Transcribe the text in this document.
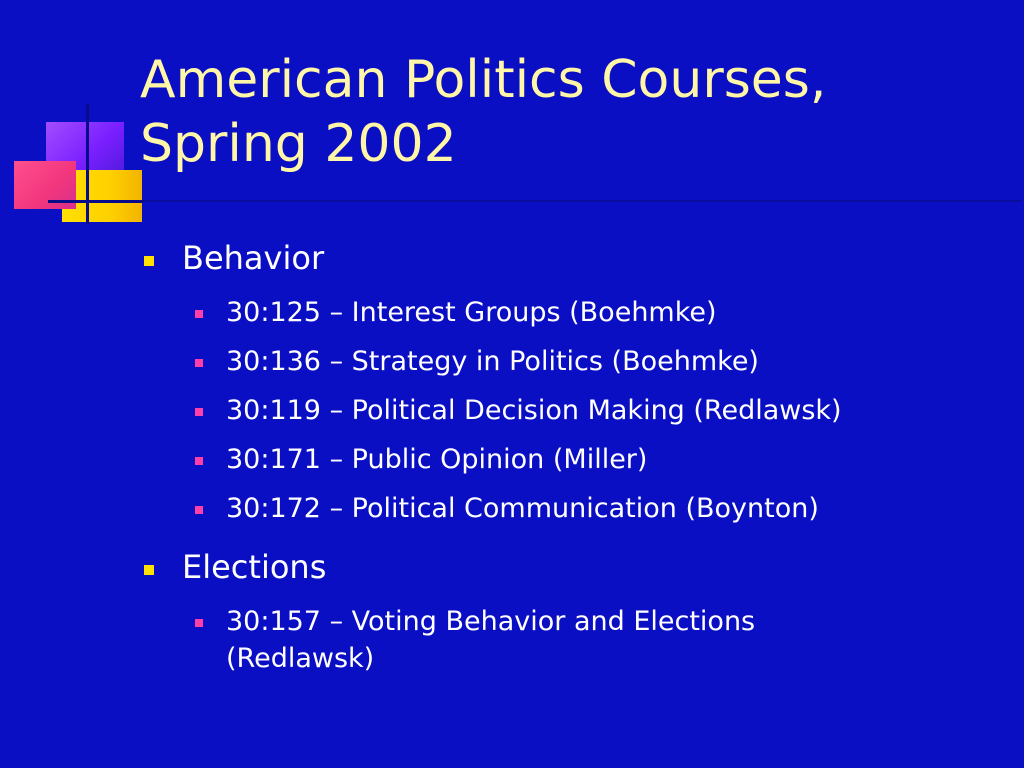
American Politics Courses,
Spring 2002
Behavior
30:125 – Interest Groups (Boehmke)
30:136 – Strategy in Politics (Boehmke)
30:119 – Political Decision Making (Redlawsk)
30:171 – Public Opinion (Miller)
30:172 – Political Communication (Boynton)
Elections
30:157 – Voting Behavior and Elections (Redlawsk)
